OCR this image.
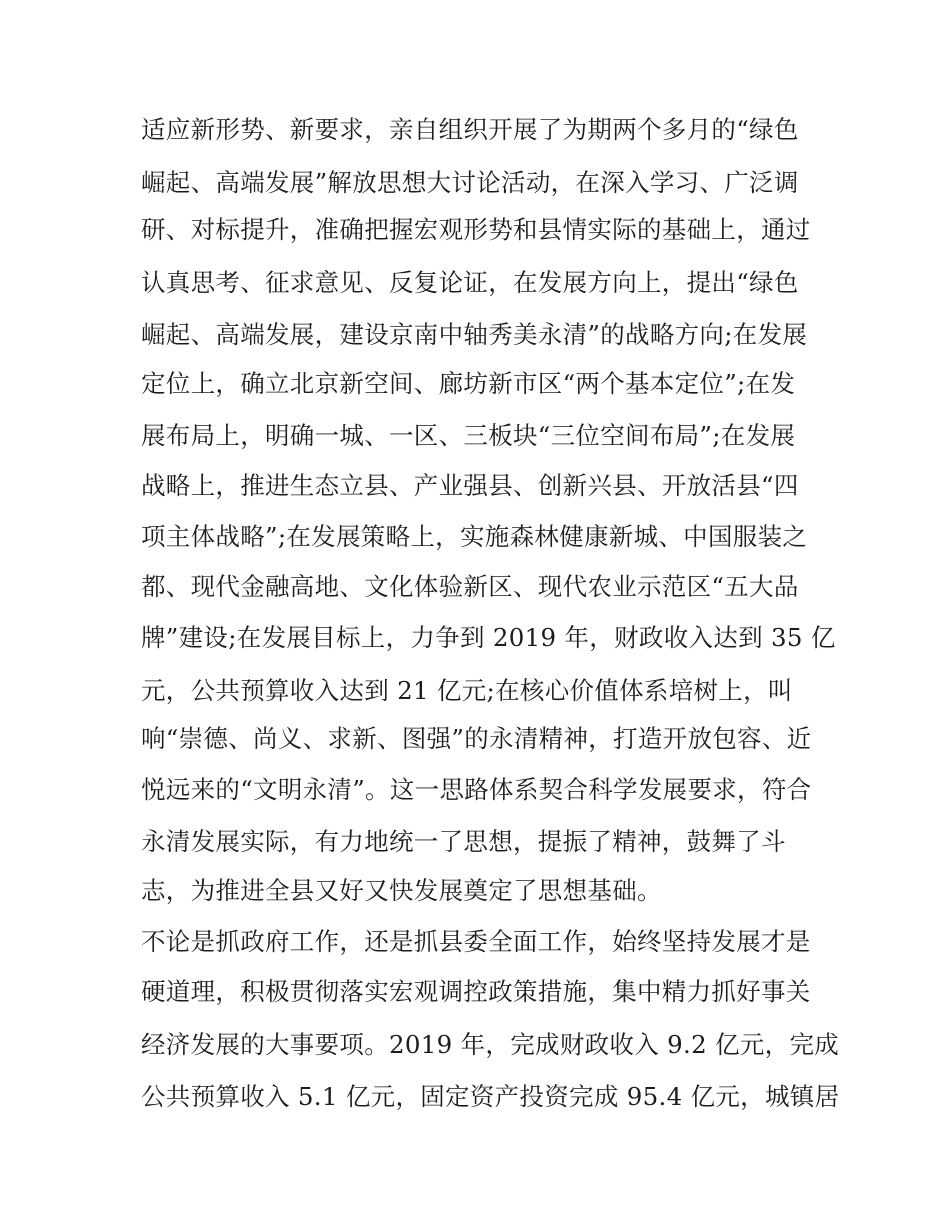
适应新形势、新要求，亲自组织开展了为期两个多月的“绿色

崛起、高端发展”解放思想大讨论活动，在深入学习、广泛调

研、对标提升，准确把握宏观形势和县情实际的基础上，通过

认真思考、征求意见、反复论证，在发展方向上，提出“绿色

崛起、高端发展，建设京南中轴秀美永清”的战略方向;在发展

定位上，确立北京新空间、廊坊新市区“两个基本定位”;在发

展布局上，明确一城、一区、三板块“三位空间布局”;在发展

战略上，推进生态立县、产业强县、创新兴县、开放活县“四

项主体战略”;在发展策略上，实施森林健康新城、中国服装之

都、现代金融高地、文化体验新区、现代农业示范区“五大品

牌”建设;在发展目标上，力争到 2019 年，财政收入达到 35 亿

元，公共预算收入达到 21 亿元;在核心价值体系培树上，叫

响“崇德、尚义、求新、图强”的永清精神，打造开放包容、近

悦远来的“文明永清”。这一思路体系契合科学发展要求，符合

永清发展实际，有力地统一了思想，提振了精神，鼓舞了斗

志，为推进全县又好又快发展奠定了思想基础。

不论是抓政府工作，还是抓县委全面工作，始终坚持发展才是

硬道理，积极贯彻落实宏观调控政策措施，集中精力抓好事关

经济发展的大事要项。2019 年，完成财政收入 9.2 亿元，完成

公共预算收入 5.1 亿元，固定资产投资完成 95.4 亿元，城镇居
